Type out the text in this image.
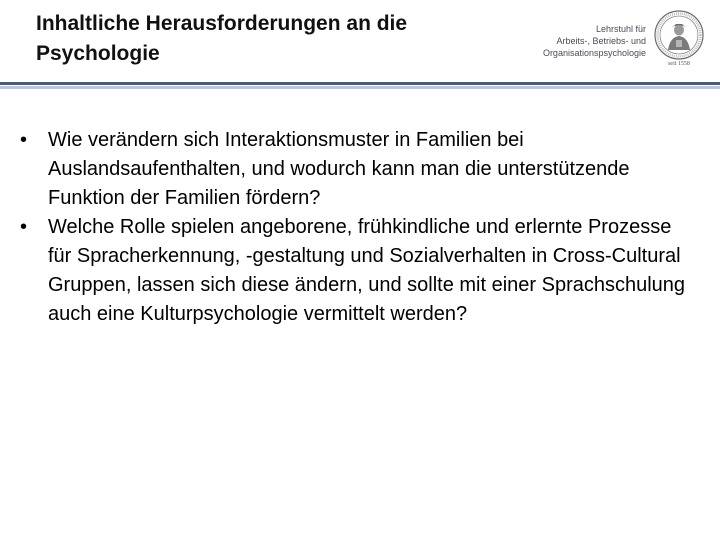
Inhaltliche Herausforderungen an die
Psychologie
Lehrstuhl für
Arbeits-, Betriebs- und
Organisationspsychologie
seit 1558
• Wie verändern sich Interaktionsmuster in Familien bei Auslandsaufenthalten, und wodurch kann man die unterstützende Funktion der Familien fördern?
• Welche Rolle spielen angeborene, frühkindliche und erlernte Prozesse für Spracherkennung, -gestaltung und Sozialverhalten in Cross-Cultural Gruppen, lassen sich diese ändern, und sollte mit einer Sprachschulung auch eine Kulturpsychologie vermittelt werden?
